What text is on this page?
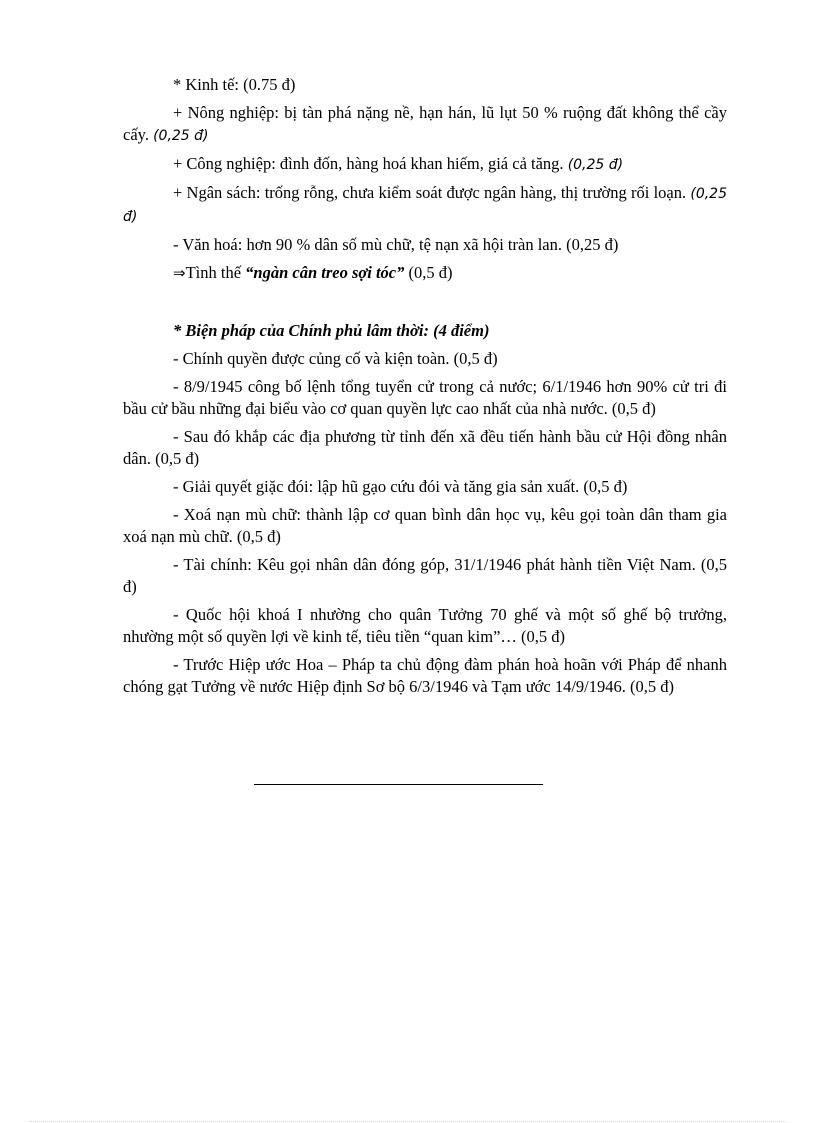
* Kinh tế: (0.75 đ)

+ Nông nghiệp: bị tàn phá nặng nề, hạn hán, lũ lụt 50 % ruộng đất không thể cầy cấy. (0,25 đ)

+ Công nghiệp: đình đốn, hàng hoá khan hiếm, giá cả tăng. (0,25 đ)

+ Ngân sách: trống rỗng, chưa kiểm soát được ngân hàng, thị trường rối loạn. (0,25 đ)

- Văn hoá: hơn 90 % dân số mù chữ, tệ nạn xã hội tràn lan. (0,25 đ)

⇒Tình thế “ngàn cân treo sợi tóc” (0,5 đ)

* Biện pháp của Chính phủ lâm thời: (4 điểm)

- Chính quyền được củng cố và kiện toàn. (0,5 đ)

- 8/9/1945 công bố lệnh tổng tuyển cử trong cả nước; 6/1/1946 hơn 90% cử tri đi bầu cử bầu những đại biểu vào cơ quan quyền lực cao nhất của nhà nước. (0,5 đ)

- Sau đó khắp các địa phương từ tỉnh đến xã đều tiến hành bầu cử Hội đồng nhân dân. (0,5 đ)

- Giải quyết giặc đói: lập hũ gạo cứu đói và tăng gia sản xuất. (0,5 đ)

- Xoá nạn mù chữ: thành lập cơ quan bình dân học vụ, kêu gọi toàn dân tham gia xoá nạn mù chữ. (0,5 đ)

- Tài chính: Kêu gọi nhân dân đóng góp, 31/1/1946 phát hành tiền Việt Nam. (0,5 đ)

- Quốc hội khoá I nhường cho quân Tưởng 70 ghế và một số ghế bộ trưởng, nhường một số quyền lợi về kinh tế, tiêu tiền “quan kim”… (0,5 đ)

- Trước Hiệp ước Hoa – Pháp ta chủ động đàm phán hoà hoãn với Pháp để nhanh chóng gạt Tưởng về nước Hiệp định Sơ bộ 6/3/1946 và Tạm ước 14/9/1946. (0,5 đ)
